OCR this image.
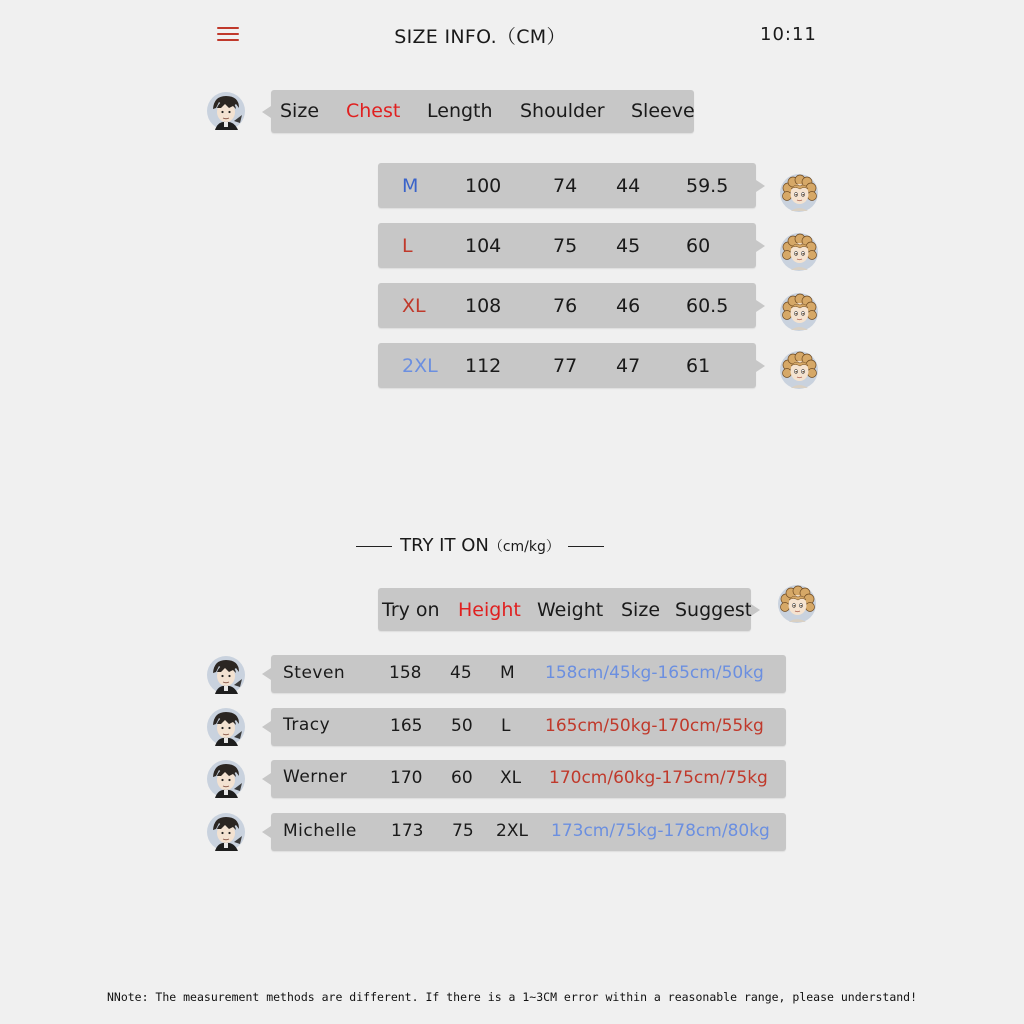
SIZE INFO.（CM）	10:11
Size Chest Length Shoulder Sleeve
M 100	74 44 59.5
L	104	75 45 60
XL 108	76 46 60.5
2XL 112	77 47 61
TRY IT ON（cm/kg）
Try on Height Weight Size Suggest
Steven	158 45 M 158cm/45kg-165cm/50kg
Tracy	165 50 L 165cm/50kg-170cm/55kg
Werner	170 60 XL 170cm/60kg-175cm/75kg
Michelle 173 75 2XL 173cm/75kg-178cm/80kg
NNote: The measurement methods are different. If there is a 1~3CM error within a reasonable range, please understand!
